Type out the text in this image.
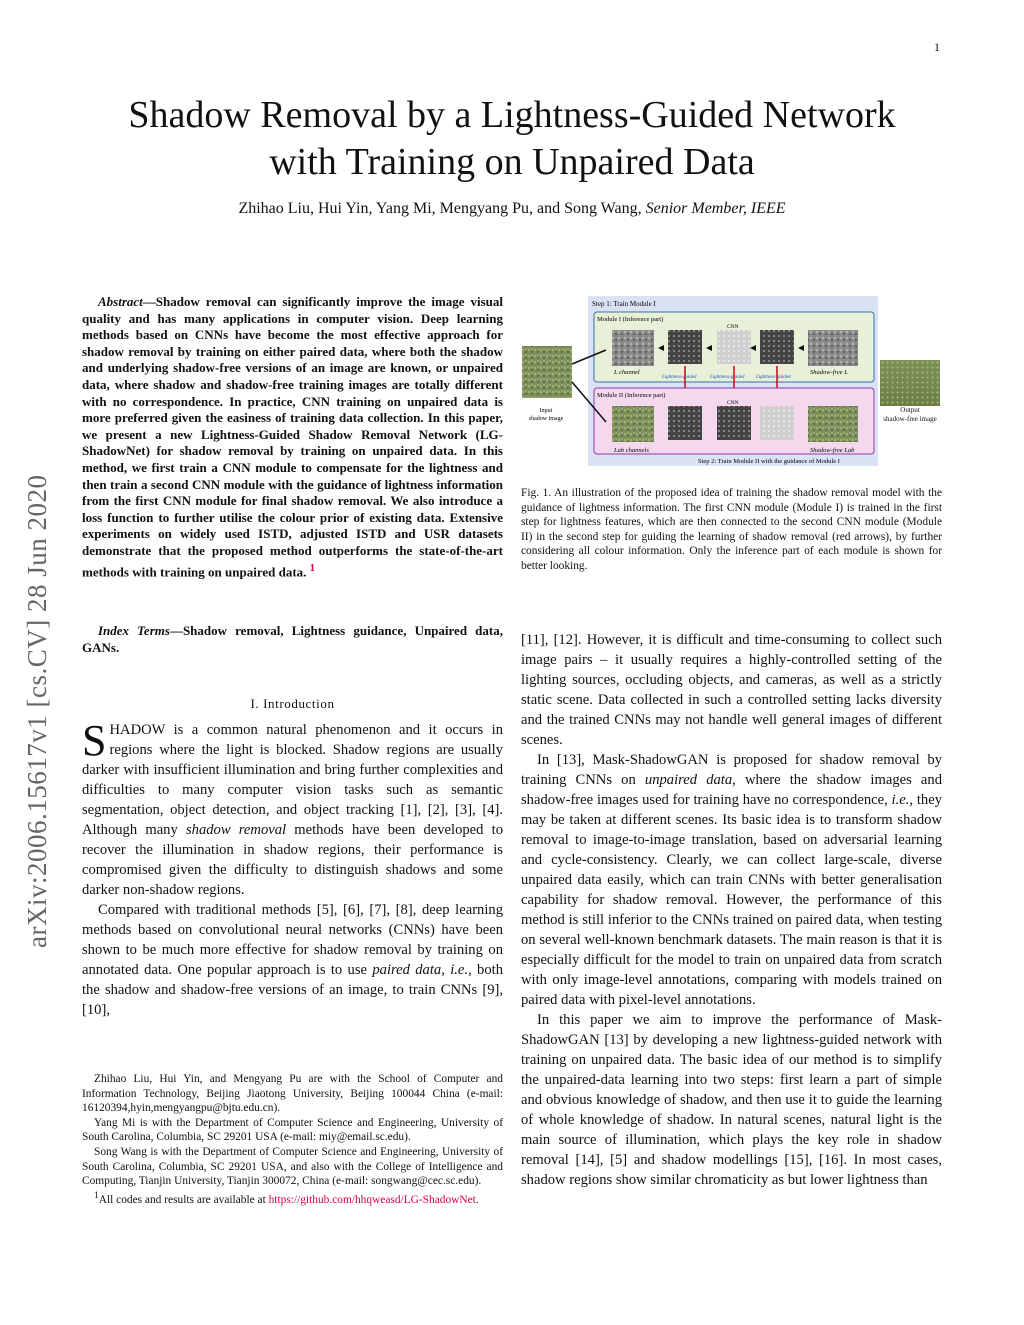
1
Shadow Removal by a Lightness-Guided Network
with Training on Unpaired Data
Zhihao Liu, Hui Yin, Yang Mi, Mengyang Pu, and Song Wang, Senior Member, IEEE
arXiv:2006.15617v1 [cs.CV] 28 Jun 2020

Abstract—Shadow removal can significantly improve the image visual quality and has many applications in computer vision. Deep learning methods based on CNNs have become the most effective approach for shadow removal by training on either paired data, where both the shadow and underlying shadow-free versions of an image are known, or unpaired data, where shadow and shadow-free training images are totally different with no correspondence. In practice, CNN training on unpaired data is more preferred given the easiness of training data collection. In this paper, we present a new Lightness-Guided Shadow Removal Network (LG-ShadowNet) for shadow removal by training on unpaired data. In this method, we first train a CNN module to compensate for the lightness and then train a second CNN module with the guidance of lightness information from the first CNN module for final shadow removal. We also introduce a loss function to further utilise the colour prior of existing data. Extensive experiments on widely used ISTD, adjusted ISTD and USR datasets demonstrate that the proposed method outperforms the state-of-the-art methods with training on unpaired data. $^1$

Index Terms—Shadow removal, Lightness guidance, Unpaired data, GANs.

I. Introduction

SHADOW is a common natural phenomenon and it occurs in regions where the light is blocked. Shadow regions are usually darker with insufficient illumination and bring further complexities and difficulties to many computer vision tasks such as semantic segmentation, object detection, and object tracking [1], [2], [3], [4]. Although many shadow removal methods have been developed to recover the illumination in shadow regions, their performance is compromised given the difficulty to distinguish shadows and some darker non-shadow regions.

Compared with traditional methods [5], [6], [7], [8], deep learning methods based on convolutional neural networks (CNNs) have been shown to be much more effective for shadow removal by training on annotated data. One popular approach is to use paired data, i.e., both the shadow and shadow-free versions of an image, to train CNNs [9], [10],

Zhihao Liu, Hui Yin, and Mengyang Pu are with the School of Computer and Information Technology, Beijing Jiaotong University, Beijing 100044 China (e-mail: 16120394,hyin,mengyangpu@bjtu.edu.cn).

Yang Mi is with the Department of Computer Science and Engineering, University of South Carolina, Columbia, SC 29201 USA (e-mail: miy@email.sc.edu).

Song Wang is with the Department of Computer Science and Engineering, University of South Carolina, Columbia, SC 29201 USA, and also with the College of Intelligence and Computing, Tianjin University, Tianjin 300072, China (e-mail: songwang@cec.sc.edu).

$^1$All codes and results are available at https://github.com/hhqweasd/LG-ShadowNet.

Step 1: Train Module I
Module I (Inference part)
CNN
L channel
Lightness-guided	Lightness-guided Lightness-guided
Shadow-free L
Module II (Inference part)
CNN
Lab channels	Shadow-free Lab
Step 2: Train Module II with the guidance of Module I
Input
shadow image
Output
shadow-free image

Fig. 1. An illustration of the proposed idea of training the shadow removal model with the guidance of lightness information. The first CNN module (Module I) is trained in the first step for lightness features, which are then connected to the second CNN module (Module II) in the second step for guiding the learning of shadow removal (red arrows), by further considering all colour information. Only the inference part of each module is shown for better looking.

[11], [12]. However, it is difficult and time-consuming to collect such image pairs – it usually requires a highly-controlled setting of the lighting sources, occluding objects, and cameras, as well as a strictly static scene. Data collected in such a controlled setting lacks diversity and the trained CNNs may not handle well general images of different scenes.

In [13], Mask-ShadowGAN is proposed for shadow removal by training CNNs on unpaired data, where the shadow images and shadow-free images used for training have no correspondence, i.e., they may be taken at different scenes. Its basic idea is to transform shadow removal to image-to-image translation, based on adversarial learning and cycle-consistency. Clearly, we can collect large-scale, diverse unpaired data easily, which can train CNNs with better generalisation capability for shadow removal. However, the performance of this method is still inferior to the CNNs trained on paired data, when testing on several well-known benchmark datasets. The main reason is that it is especially difficult for the model to train on unpaired data from scratch with only image-level annotations, comparing with models trained on paired data with pixel-level annotations.

In this paper we aim to improve the performance of Mask-ShadowGAN [13] by developing a new lightness-guided network with training on unpaired data. The basic idea of our method is to simplify the unpaired-data learning into two steps: first learn a part of simple and obvious knowledge of shadow, and then use it to guide the learning of whole knowledge of shadow. In natural scenes, natural light is the main source of illumination, which plays the key role in shadow removal [14], [5] and shadow modellings [15], [16]. In most cases, shadow regions show similar chromaticity as but lower lightness than
